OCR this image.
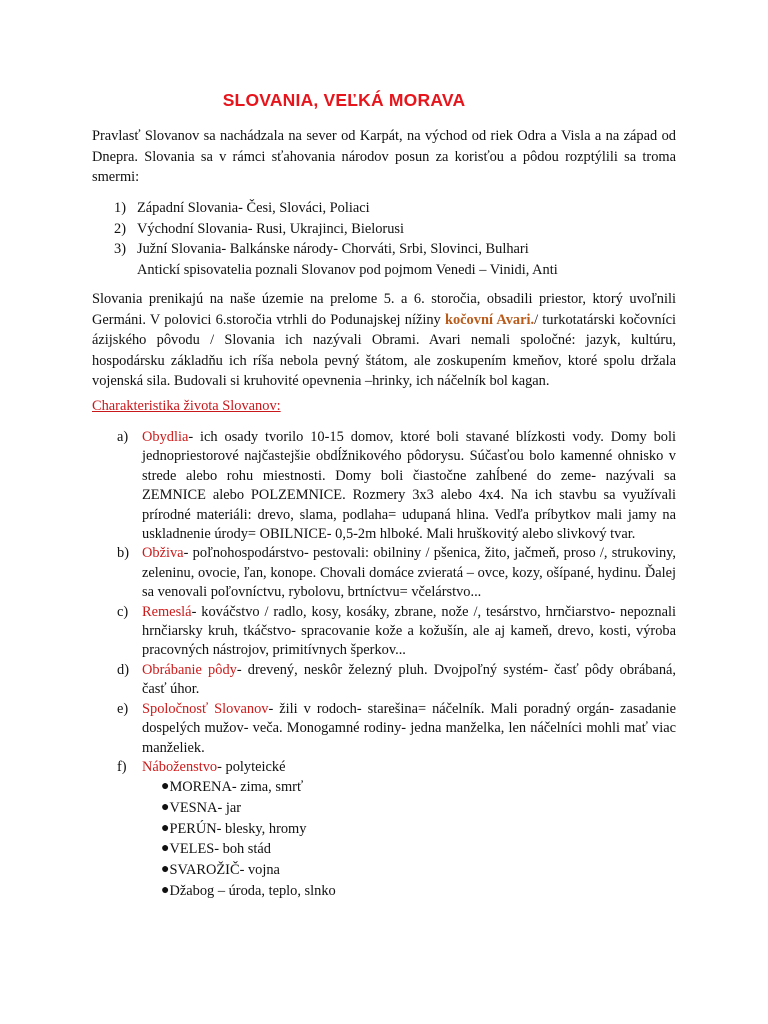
SLOVANIA, VEĽKÁ MORAVA

Pravlasť Slovanov sa nachádzala na sever od Karpát, na východ od riek Odra a Visla a na západ od Dnepra. Slovania sa v rámci sťahovania národov posun za korisťou a pôdou rozptýlili sa troma smermi:

1) Západní Slovania- Česi, Slováci, Poliaci
2) Východní Slovania- Rusi, Ukrajinci, Bielorusi
3) Južní Slovania- Balkánske národy- Chorváti, Srbi, Slovinci, Bulhari
Antickí spisovatelia poznali Slovanov pod pojmom Venedi – Vinidi, Anti

Slovania prenikajú na naše územie na prelome 5. a 6. storočia, obsadili priestor, ktorý uvoľnili Germáni. V polovici 6.storočia vtrhli do Podunajskej nížiny kočovní Avari./ turkotatárski kočovníci ázijského pôvodu / Slovania ich nazývali Obrami. Avari nemali spoločné: jazyk, kultúru, hospodársku základňu ich ríša nebola pevný štátom, ale zoskupením kmeňov, ktoré spolu držala vojenská sila. Budovali si kruhovité opevnenia –hrinky, ich náčelník bol kagan.

Charakteristika života Slovanov:
a) Obydlia- ich osady tvorilo 10-15 domov, ktoré boli stavané blízkosti vody. Domy boli jednopriestorové najčastejšie obdĺžnikového pôdorysu. Súčasťou bolo kamenné ohnisko v strede alebo rohu miestnosti. Domy boli čiastočne zahĺbené do zeme- nazývali sa ZEMNICE alebo POLZEMNICE. Rozmery 3x3 alebo 4x4. Na ich stavbu sa využívali prírodné materiáli: drevo, slama, podlaha= udupaná hlina. Vedľa príbytkov mali jamy na uskladnenie úrody= OBILNICE- 0,5-2m hlboké. Mali hruškovitý alebo slivkový tvar.
b) Obživa- poľnohospodárstvo- pestovali: obilniny / pšenica, žito, jačmeň, proso /, strukoviny, zeleninu, ovocie, ľan, konope. Chovali domáce zvieratá – ovce, kozy, ošípané, hydinu. Ďalej sa venovali poľovníctvu, rybolovu, brtníctvu= včelárstvo...
c) Remeslá- kováčstvo / radlo, kosy, kosáky, zbrane, nože /, tesárstvo, hrnčiarstvo- nepoznali hrnčiarsky kruh, tkáčstvo- spracovanie kože a kožušín, ale aj kameň, drevo, kosti, výroba pracovných nástrojov, primitívnych šperkov...
d) Obrábanie pôdy- drevený, neskôr železný pluh. Dvojpoľný systém- časť pôdy obrábaná, časť úhor.
e) Spoločnosť Slovanov- žili v rodoch- starešina= náčelník. Mali poradný orgán- zasadanie dospelých mužov- veča. Monogamné rodiny- jedna manželka, len náčelníci mohli mať viac manželiek.
f)	Náboženstvo- polyteické
● MORENA- zima, smrť
● VESNA- jar
● PERÚN- blesky, hromy
● VELES- boh stád
● SVAROŽIČ- vojna
● Džabog – úroda, teplo, slnko
